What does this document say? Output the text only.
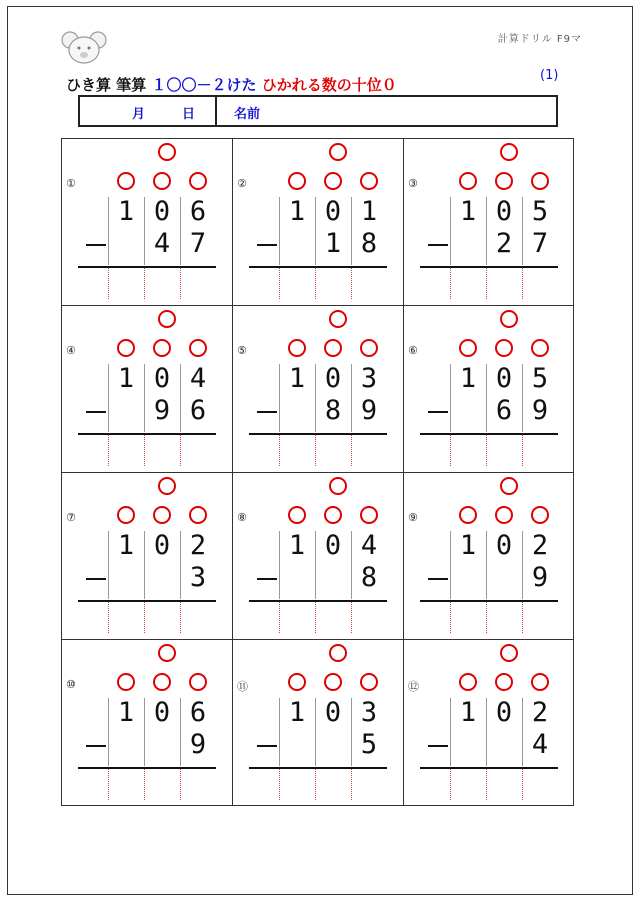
計算ドリル F9マ
ひき算 筆算 １〇〇－２けた ひかれる数の十位０
(1)
月	日	名前
①
1 0 6
4 7
②
1 0 1
1 8
③
1 0 5
2 7
④
1 0 4
9 6
⑤
1 0 3
8 9
⑥
1 0 5
6 9
⑦
1 0 2
3
⑧
1 0 4
8
⑨
1 0 2
9
⑩
1 0 6
9
⑪
1 0 3
5
⑫
1 0 2
4
